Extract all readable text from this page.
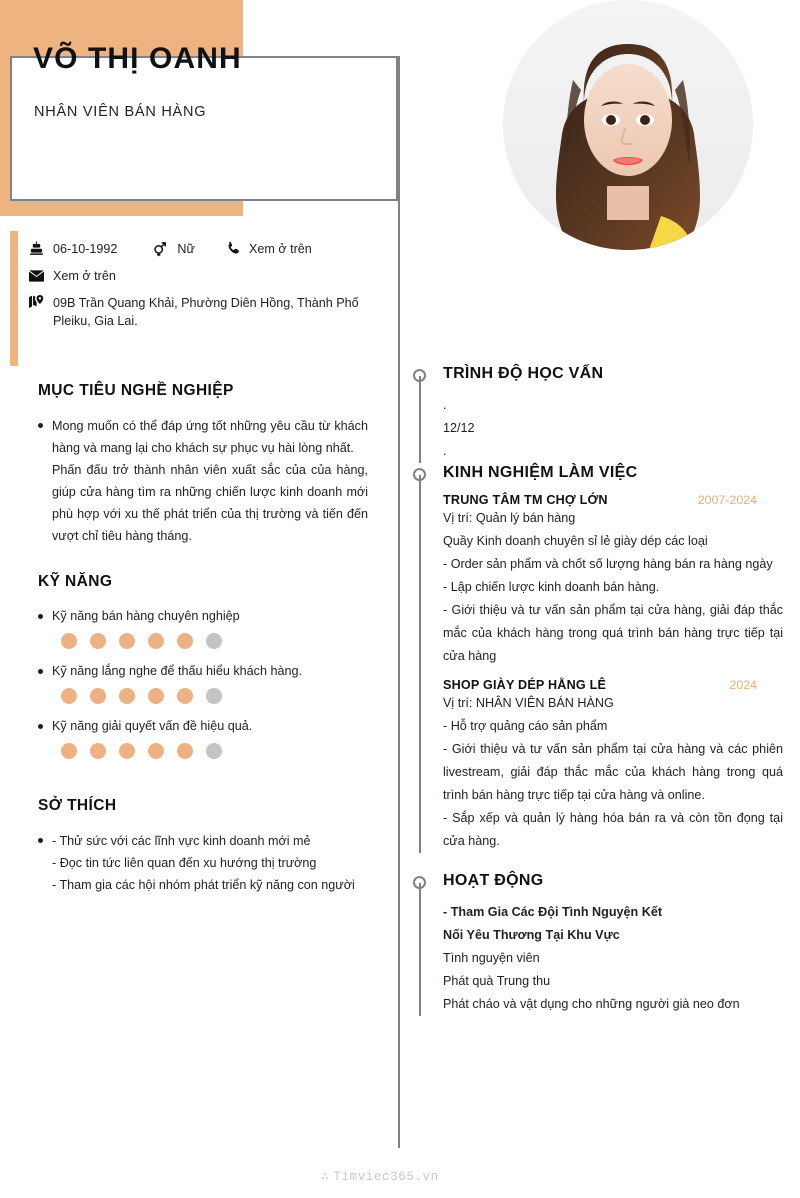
VÕ THỊ OANH
NHÂN VIÊN BÁN HÀNG
06-10-1992	Nữ	Xem ở trên
Xem ở trên
09B Trần Quang Khải, Phường Diên Hồng, Thành Phố Pleiku, Gia Lai.
MỤC TIÊU NGHỀ NGHIỆP

Mong muốn có thể đáp ứng tốt những yêu cầu từ khách hàng và mang lại cho khách sự phục vụ hài lòng nhất.

Phấn đấu trở thành nhân viên xuất sắc của của hàng, giúp cửa hàng tìm ra những chiến lược kinh doanh mới phù hợp với xu thế phát triển của thị trường và tiến đến vượt chỉ tiêu hàng tháng.

KỸ NĂNG
Kỹ năng bán hàng chuyên nghiệp
Kỹ năng lắng nghe để thấu hiểu khách hàng.
Kỹ năng giải quyết vấn đề hiệu quả.
SỞ THÍCH

- Thử sức với các lĩnh vực kinh doanh mới mẻ

- Đọc tin tức liên quan đến xu hướng thị trường

- Tham gia các hội nhóm phát triển kỹ năng con người

TRÌNH ĐỘ HỌC VẤN

.

12/12

.

KINH NGHIỆM LÀM VIỆC
TRUNG TÂM TM CHỢ LỚN	2007-2024

Vị trí: Quản lý bán hàng

Quầy Kinh doanh chuyên sỉ lẻ giày dép các loại

- Order sản phẩm và chốt số lượng hàng bán ra hàng ngày

- Lập chiến lược kinh doanh bán hàng.

- Giới thiệu và tư vấn sản phẩm tại cửa hàng, giải đáp thắc mắc của khách hàng trong quá trình bán hàng trực tiếp tại cửa hàng

SHOP GIÀY DÉP HẰNG LÊ	2024

Vị trí: NHÂN VIÊN BÁN HÀNG

- Hỗ trợ quảng cáo sản phẩm

- Giới thiệu và tư vấn sản phẩm tại cửa hàng và các phiên livestream, giải đáp thắc mắc của khách hàng trong quá trình bán hàng trực tiếp tại cửa hàng và online.

- Sắp xếp và quản lý hàng hóa bán ra và còn tồn đọng tại cửa hàng.

HOẠT ĐỘNG

- Tham Gia Các Đội Tình Nguyện Kết

Nối Yêu Thương Tại Khu Vực

Tình nguyện viên

Phát quà Trung thu

Phát cháo và vật dụng cho những người già neo đơn

∴ Timviec365.vn
